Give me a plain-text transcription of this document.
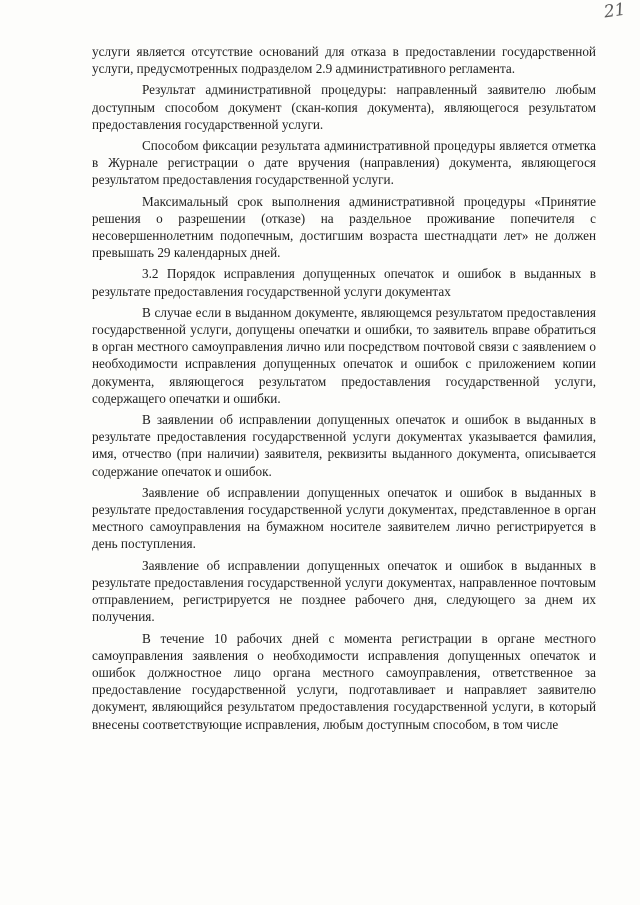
21

услуги является отсутствие оснований для отказа в предоставлении государственной услуги, предусмотренных подразделом 2.9 административного регламента.

Результат административной процедуры: направленный заявителю любым доступным способом документ (скан-копия документа), являющегося результатом предоставления государственной услуги.

Способом фиксации результата административной процедуры является отметка в Журнале регистрации о дате вручения (направления) документа, являющегося результатом предоставления государственной услуги.

Максимальный срок выполнения административной процедуры «Принятие решения о разрешении (отказе) на раздельное проживание попечителя с несовершеннолетним подопечным, достигшим возраста шестнадцати лет» не должен превышать 29 календарных дней.

3.2 Порядок исправления допущенных опечаток и ошибок в выданных в результате предоставления государственной услуги документах

В случае если в выданном документе, являющемся результатом предоставления государственной услуги, допущены опечатки и ошибки, то заявитель вправе обратиться в орган местного самоуправления лично или посредством почтовой связи с заявлением о необходимости исправления допущенных опечаток и ошибок с приложением копии документа, являющегося результатом предоставления государственной услуги, содержащего опечатки и ошибки.

В заявлении об исправлении допущенных опечаток и ошибок в выданных в результате предоставления государственной услуги документах указывается фамилия, имя, отчество (при наличии) заявителя, реквизиты выданного документа, описывается содержание опечаток и ошибок.

Заявление об исправлении допущенных опечаток и ошибок в выданных в результате предоставления государственной услуги документах, представленное в орган местного самоуправления на бумажном носителе заявителем лично регистрируется в день поступления.

Заявление об исправлении допущенных опечаток и ошибок в выданных в результате предоставления государственной услуги документах, направленное почтовым отправлением, регистрируется не позднее рабочего дня, следующего за днем их получения.

В течение 10 рабочих дней с момента регистрации в органе местного самоуправления заявления о необходимости исправления допущенных опечаток и ошибок должностное лицо органа местного самоуправления, ответственное за предоставление государственной услуги, подготавливает и направляет заявителю документ, являющийся результатом предоставления государственной услуги, в который внесены соответствующие исправления, любым доступным способом, в том числе
